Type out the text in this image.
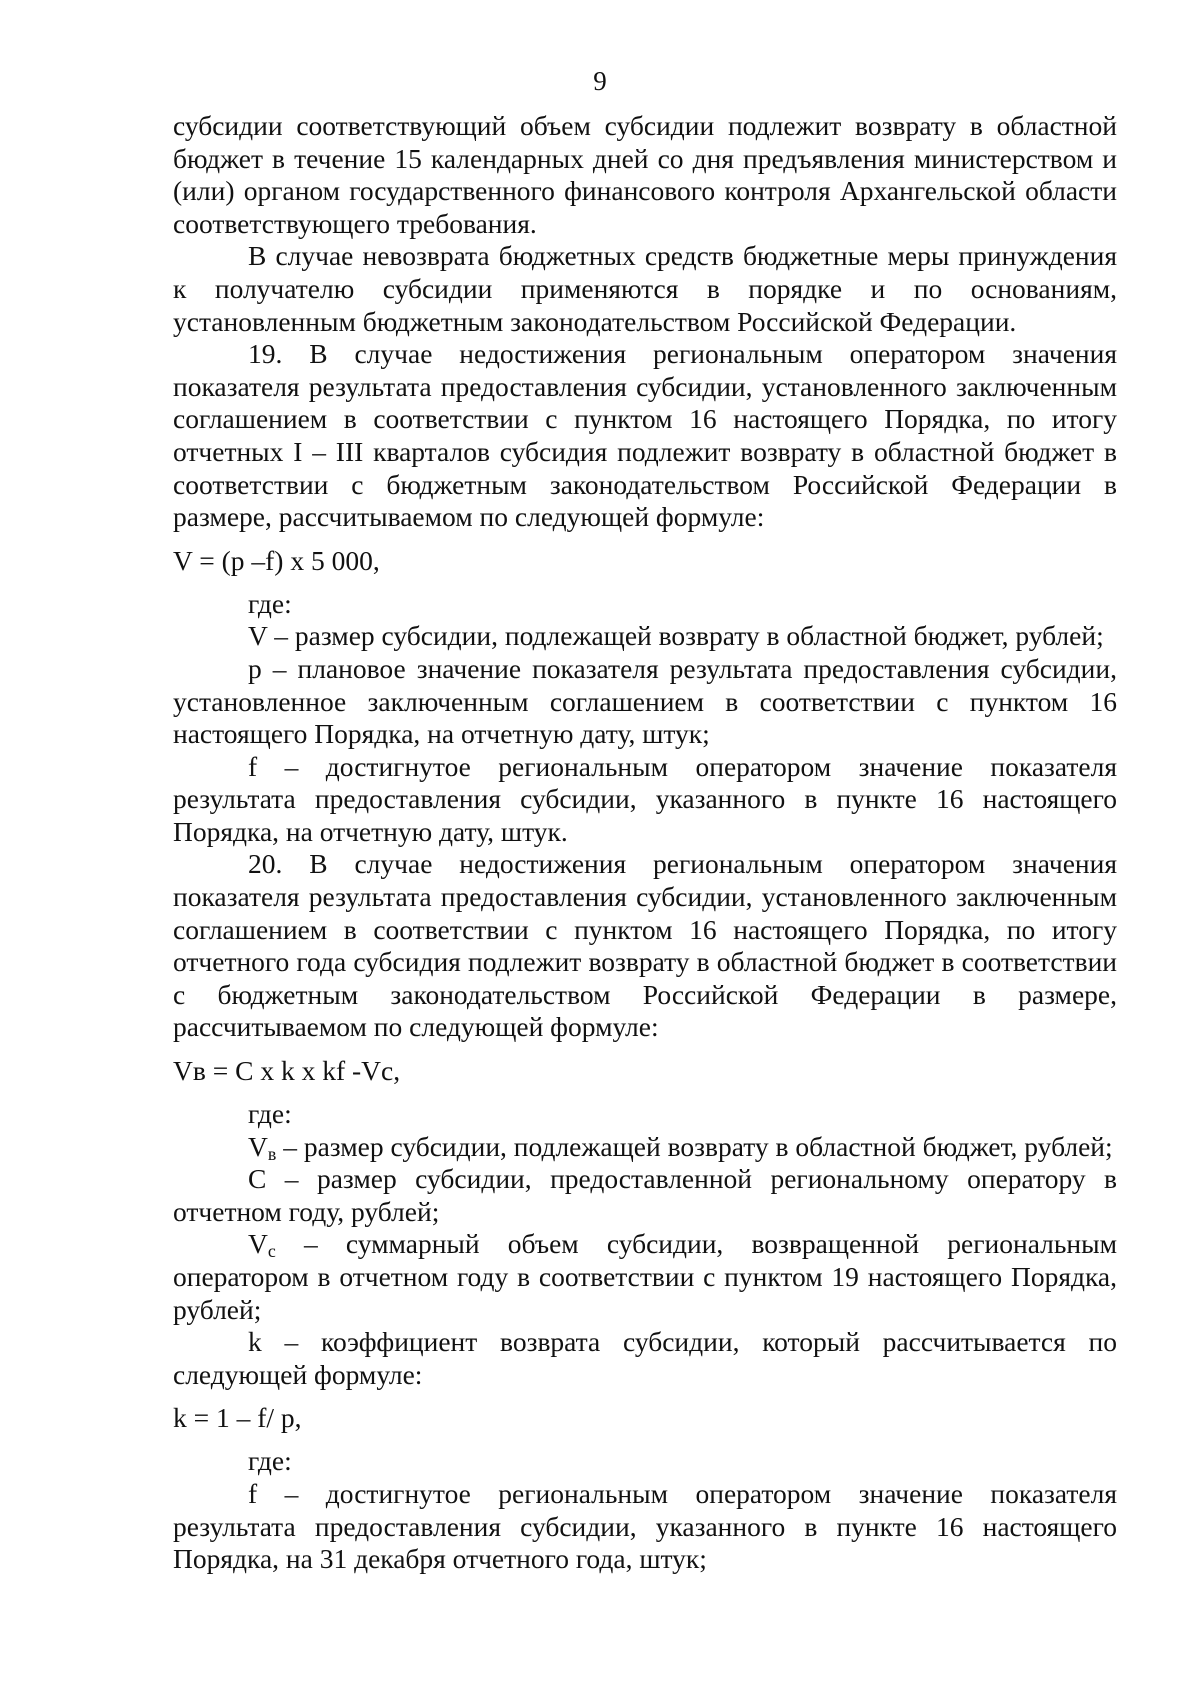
9

субсидии соответствующий объем субсидии подлежит возврату в областной бюджет в течение 15 календарных дней со дня предъявления министерством и (или) органом государственного финансового контроля Архангельской области соответствующего требования.

В случае невозврата бюджетных средств бюджетные меры принуждения к получателю субсидии применяются в порядке и по основаниям, установленным бюджетным законодательством Российской Федерации.

19. В случае недостижения региональным оператором значения показателя результата предоставления субсидии, установленного заключенным соглашением в соответствии с пунктом 16 настоящего Порядка, по итогу отчетных I – III кварталов субсидия подлежит возврату в областной бюджет в соответствии с бюджетным законодательством Российской Федерации в размере, рассчитываемом по следующей формуле:

V = (p –f) x 5 000,

где:

V – размер субсидии, подлежащей возврату в областной бюджет, рублей;

p – плановое значение показателя результата предоставления субсидии, установленное заключенным соглашением в соответствии с пунктом 16 настоящего Порядка, на отчетную дату, штук;

f – достигнутое региональным оператором значение показателя результата предоставления субсидии, указанного в пункте 16 настоящего Порядка, на отчетную дату, штук.

20. В случае недостижения региональным оператором значения показателя результата предоставления субсидии, установленного заключенным соглашением в соответствии с пунктом 16 настоящего Порядка, по итогу отчетного года субсидия подлежит возврату в областной бюджет в соответствии с бюджетным законодательством Российской Федерации в размере, рассчитываемом по следующей формуле:

Vв = C x k x kf -Vc,

где:

$V_в$ – размер субсидии, подлежащей возврату в областной бюджет, рублей;

C – размер субсидии, предоставленной региональному оператору в отчетном году, рублей;

$V_c$ – суммарный объем субсидии, возвращенной региональным оператором в отчетном году в соответствии с пунктом 19 настоящего Порядка, рублей;

k – коэффициент возврата субсидии, который рассчитывается по следующей формуле:

k = 1 – f/ p,

где:

f – достигнутое региональным оператором значение показателя результата предоставления субсидии, указанного в пункте 16 настоящего Порядка, на 31 декабря отчетного года, штук;
